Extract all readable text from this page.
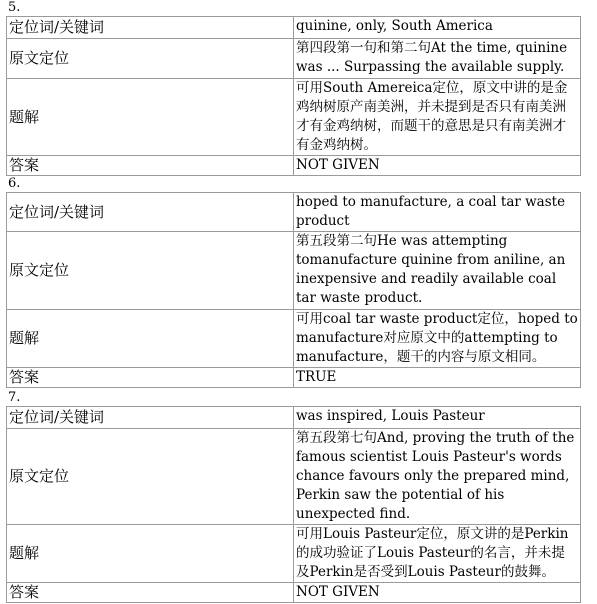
5.
定位词/关键词	quinine, only, South America
原文定位	第四段第一句和第二句At the time, quinine was ... Surpassing the available supply.
题解	可用South Amereica定位，原文中讲的是金鸡纳树原产南美洲，并未提到是否只有南美洲才有金鸡纳树，而题干的意思是只有南美洲才有金鸡纳树。
答案	NOT GIVEN
6.
定位词/关键词	hoped to manufacture, a coal tar waste product
原文定位	第五段第二句He was attempting tomanufacture quinine from aniline, an inexpensive and readily available coal tar waste product.
题解	可用coal tar waste product定位，hoped to manufacture对应原文中的attempting to manufacture，题干的内容与原文相同。
答案	TRUE
7.
定位词/关键词	was inspired, Louis Pasteur
原文定位	第五段第七句And, proving the truth of the famous scientist Louis Pasteur's words chance favours only the prepared mind, Perkin saw the potential of his unexpected find.
题解	可用Louis Pasteur定位，原文讲的是Perkin的成功验证了Louis Pasteur的名言，并未提及Perkin是否受到Louis Pasteur的鼓舞。
答案	NOT GIVEN
